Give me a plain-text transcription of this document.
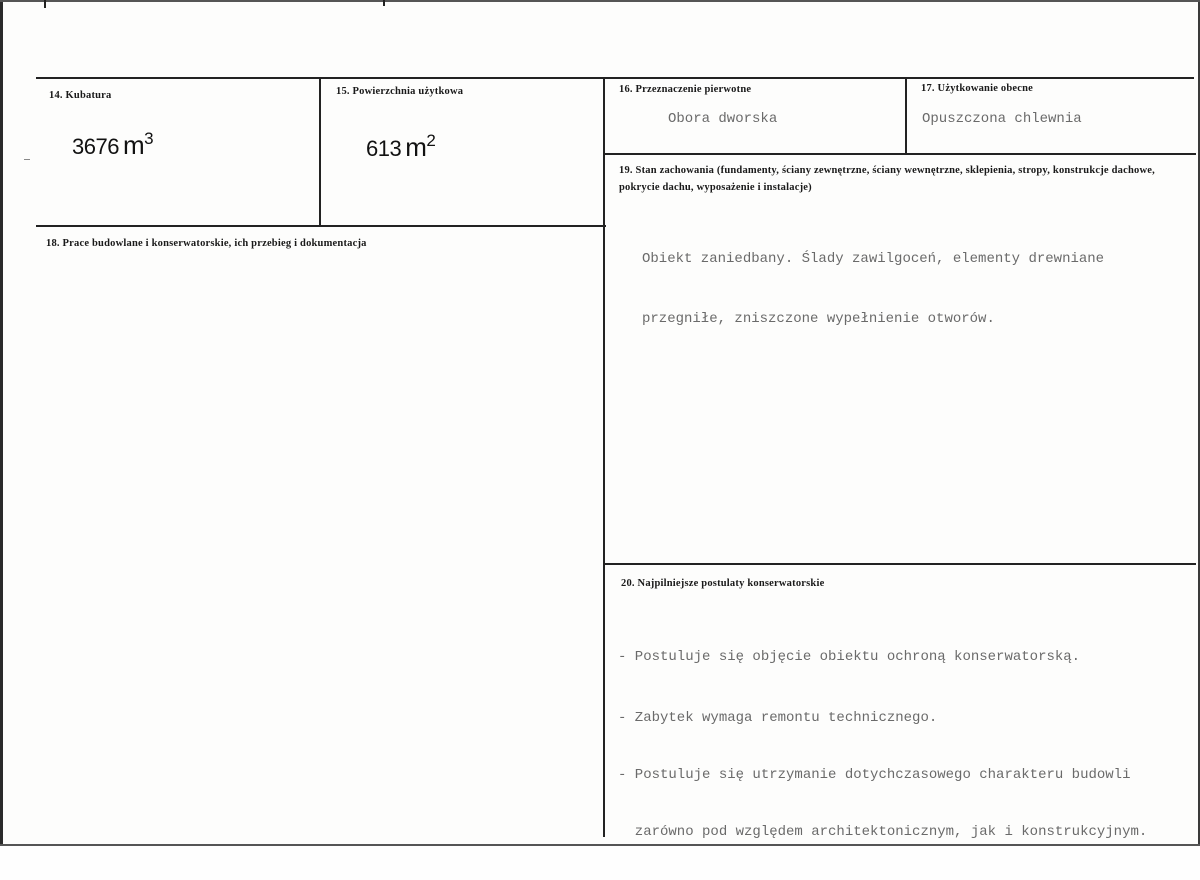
14. Kubatura
3676 $m^3$
15. Powierzchnia użytkowa
613 $m^2$
16. Przeznaczenie pierwotne
Obora dworska
17. Użytkowanie obecne
Opuszczona chlewnia
18. Prace budowlane i konserwatorskie, ich przebieg i dokumentacja
19. Stan zachowania (fundamenty, ściany zewnętrzne, ściany wewnętrzne, sklepienia, stropy, konstrukcje dachowe, pokrycie dachu, wyposażenie i instalacje)

Obiekt zaniedbany. Ślady zawilgoceń, elementy drewniane

przegniłe, zniszczone wypełnienie otworów.

20. Najpilniejsze postulaty konserwatorskie

- Postuluje się objęcie obiektu ochroną konserwatorską.

- Zabytek wymaga remontu technicznego.

- Postuluje się utrzymanie dotychczasowego charakteru budowli

zarówno pod względem architektonicznym, jak i konstrukcyjnym.
